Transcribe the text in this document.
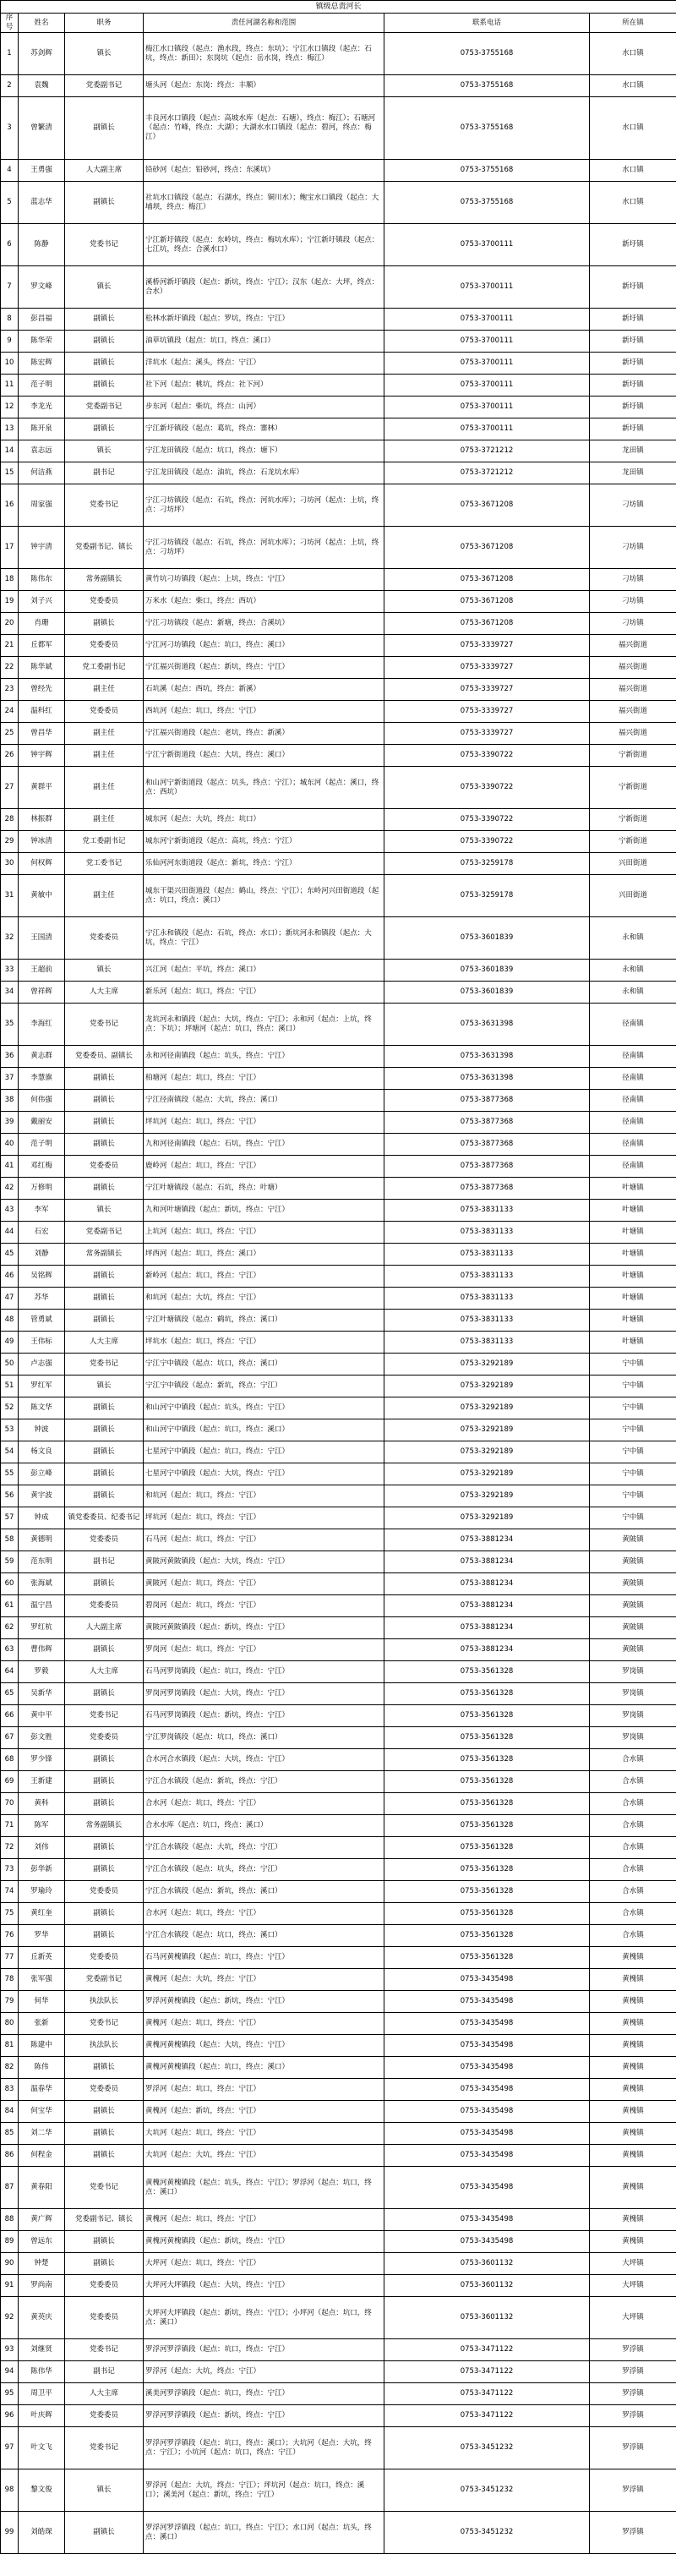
镇级总责河长					
序号	姓名	职务	责任河湖名称和范围	联系电话	所在镇
1	苏剑辉	镇长	梅江水口镇段（起点：渔水段，终点：东坑）；宁江水口镇段（起点：石坑，终点：新田）；东岗坑（起点：岳水岗，终点：梅江）	0753-3755168	水口镇
2	袁魏	党委副书记	塘头河（起点：东岗：终点：丰顺）	0753-3755168	水口镇
3	曾繁清	副镇长	丰良河水口镇段（起点：高坡水库（起点：石塘），终点：梅江）；石塘河（起点：竹峰，终点：大湖）；大湖水水口镇段（起点：碧河，终点：梅江）	0753-3755168	水口镇
4	王勇强	人大副主席	铅砂河（起点：铅砂河，终点：东溪坑）	0753-3755168	水口镇
5	蓝志华	副镇长	社坑水口镇段（起点：石湖水，终点：铜川水）；鲍宝水口镇段（起点：大埔坝，终点：梅江）	0753-3755168	水口镇
6	陈静	党委书记	宁江新圩镇段（起点：东岭坑，终点：梅坑水库）；宁江新圩镇段（起点：七江坑，终点：合溪水口）	0753-3700111	新圩镇
7	罗文峰	镇长	溪桥河新圩镇段（起点：新坑，终点：宁江）；汉东（起点：大坪，终点：合水）	0753-3700111	新圩镇
8	彭昌福	副镇长	松林水新圩镇段（起点：罗坑，终点：宁江）	0753-3700111	新圩镇
9	陈华荣	副镇长	油草坑镇段（起点：坑口，终点：溪口）	0753-3700111	新圩镇
10	陈宏辉	副镇长	洋坑水（起点：溪头，终点：宁江）	0753-3700111	新圩镇
11	范子明	副镇长	社下河（起点：桃坑，终点：社下河）	0753-3700111	新圩镇
12	李龙光	党委副书记	步东河（起点：柴坑，终点：山河）	0753-3700111	新圩镇
13	陈开泉	副镇长	宁江新圩镇段（起点：葛坑，终点：寨林）	0753-3700111	新圩镇
14	袁志远	镇长	宁江龙田镇段（起点：坑口，终点：塘下）	0753-3721212	龙田镇
15	何洁燕	副书记	宁江龙田镇段（起点：油坑，终点：石龙坑水库）	0753-3721212	龙田镇
16	周家强	党委书记	宁江刁坊镇段（起点：石坑，终点：河坑水库）；刁坊河（起点：上坑，终点：刁坊坪）	0753-3671208	刁坊镇
17	钟宇清	党委副书记、镇长	宁江刁坊镇段（起点：石坑，终点：河坑水库）；刁坊河（起点：上坑，终点：刁坊坪）	0753-3671208	刁坊镇
18	陈伟东	常务副镇长	黄竹坑刁坊镇段（起点：上坑，终点：宁江）	0753-3671208	刁坊镇
19	刘子兴	党委委员	万米水（起点：柴口，终点：西坑）	0753-3671208	刁坊镇
20	肖珊	副镇长	宁江刁坊镇段（起点：新塘，终点：合溪坑）	0753-3671208	刁坊镇
21	丘都军	党委委员	宁江河刁坊镇段（起点：坑口，终点：溪口）	0753-3339727	福兴街道
22	陈华斌	党工委副书记	宁江福兴街道段（起点：新坑，终点：宁江）	0753-3339727	福兴街道
23	曾经先	副主任	石坑溪（起点：西坑，终点：新溪）	0753-3339727	福兴街道
24	温科红	党委委员	西坑河（起点：坑口，终点：宁江）	0753-3339727	福兴街道
25	曾昌华	副主任	宁江福兴街道段（起点：老坑，终点：新溪）	0753-3339727	福兴街道
26	钟宇辉	副主任	宁江宁新街道段（起点：大坑，终点：溪口）	0753-3390722	宁新街道
27	黄群平	副主任	和山河宁新街道段（起点：坑头，终点：宁江）；城东河（起点：溪口，终点：西坑）	0753-3390722	宁新街道
28	林振群	副主任	城东河（起点：大坑，终点：坑口）	0753-3390722	宁新街道
29	钟冰清	党工委副书记	城东河宁新街道段（起点：高坑，终点：宁江）	0753-3390722	宁新街道
30	何权辉	党工委书记	乐仙河河东街道段（起点：新坑，终点：宁江）	0753-3259178	兴田街道
31	黄敏中	副主任	城东干渠兴田街道段（起点：鹤山，终点：宁江）；东岭河兴田街道段（起点：坑口，终点：溪口）	0753-3259178	兴田街道
32	王国清	党委委员	宁江永和镇段（起点：石坑，终点：水口）；新坑河永和镇段（起点：大坑，终点：宁江）	0753-3601839	永和镇
33	王超前	镇长	兴江河（起点：平坑，终点：溪口）	0753-3601839	永和镇
34	曾祥辉	人大主席	新乐河（起点：坑口，终点：宁江）	0753-3601839	永和镇
35	李海红	党委书记	龙坑河永和镇段（起点：大坑，终点：宁江）；永和河（起点：上坑，终点：下坑）；坪塘河（起点：坑口，终点：溪口）	0753-3631398	径南镇
36	黄志群	党委委员、副镇长	永和河径南镇段（起点：坑头，终点：宁江）	0753-3631398	径南镇
37	李慧旗	副镇长	柏塘河（起点：坑口，终点：宁江）	0753-3631398	径南镇
38	何伟强	副镇长	宁江径南镇段（起点：大坑，终点：溪口）	0753-3877368	径南镇
39	戴丽安	副镇长	坪坑河（起点：坑口，终点：宁江）	0753-3877368	径南镇
40	范子明	副镇长	九和河径南镇段（起点：石坑，终点：宁江）	0753-3877368	径南镇
41	邓红梅	党委委员	鹿岭河（起点：坑口，终点：宁江）	0753-3877368	径南镇
42	万修明	副镇长	宁江叶塘镇段（起点：石坑，终点：叶塘）	0753-3877368	叶塘镇
43	李军	镇长	九和河叶塘镇段（起点：新坑，终点：宁江）	0753-3831133	叶塘镇
44	石宏	党委副书记	上坑河（起点：坑口，终点：宁江）	0753-3831133	叶塘镇
45	刘静	常务副镇长	坪西河（起点：坑口，终点：溪口）	0753-3831133	叶塘镇
46	吴铭辉	副镇长	新岭河（起点：坑口，终点：宁江）	0753-3831133	叶塘镇
47	苏华	副镇长	和坑河（起点：大坑，终点：宁江）	0753-3831133	叶塘镇
48	管勇斌	副镇长	宁江叶塘镇段（起点：鹤坑，终点：溪口）	0753-3831133	叶塘镇
49	王伟标	人大主席	坪坑水（起点：坑口，终点：宁江）	0753-3831133	叶塘镇
50	卢志强	党委书记	宁江宁中镇段（起点：坑口，终点：溪口）	0753-3292189	宁中镇
51	罗红军	镇长	宁江宁中镇段（起点：新坑，终点：宁江）	0753-3292189	宁中镇
52	陈文华	副镇长	和山河宁中镇段（起点：坑头，终点：宁江）	0753-3292189	宁中镇
53	钟波	副镇长	和山河宁中镇段（起点：坑口，终点：溪口）	0753-3292189	宁中镇
54	杨文良	副镇长	七星河宁中镇段（起点：坑口，终点：宁江）	0753-3292189	宁中镇
55	彭立峰	副镇长	七星河宁中镇段（起点：大坑，终点：宁江）	0753-3292189	宁中镇
56	黄宇波	副镇长	和坑河（起点：坑口，终点：宁江）	0753-3292189	宁中镇
57	钟成	镇党委委员、纪委书记	坪坑河（起点：坑口，终点：宁江）	0753-3292189	宁中镇
58	黄德明	党委委员	石马河（起点：坑口，终点：宁江）	0753-3881234	黄陂镇
59	范东明	副书记	黄陂河黄陂镇段（起点：大坑，终点：宁江）	0753-3881234	黄陂镇
60	张海斌	副镇长	黄陂河（起点：坑口，终点：宁江）	0753-3881234	黄陂镇
61	温宁昌	党委委员	碧岗河（起点：坑口，终点：宁江）	0753-3881234	黄陂镇
62	罗红杭	人大副主席	黄陂河黄陂镇段（起点：新坑，终点：宁江）	0753-3881234	黄陂镇
63	曹伟辉	副镇长	罗岗河（起点：坑口，终点：宁江）	0753-3881234	黄陂镇
64	罗毅	人大主席	石马河罗岗镇段（起点：坑口，终点：宁江）	0753-3561328	罗岗镇
65	吴新华	副镇长	罗岗河罗岗镇段（起点：大坑，终点：宁江）	0753-3561328	罗岗镇
66	黄中平	党委书记	石马河罗岗镇段（起点：新坑，终点：宁江）	0753-3561328	罗岗镇
67	彭文胜	党委委员	宁江罗岗镇段（起点：坑口，终点：溪口）	0753-3561328	罗岗镇
68	罗少锋	副镇长	合水河合水镇段（起点：大坑，终点：宁江）	0753-3561328	合水镇
69	王新建	副镇长	宁江合水镇段（起点：新坑，终点：宁江）	0753-3561328	合水镇
70	黄科	副镇长	合水河（起点：坑口，终点：宁江）	0753-3561328	合水镇
71	陈军	常务副镇长	合水水库（起点：坑口，终点：溪口）	0753-3561328	合水镇
72	刘伟	副镇长	宁江合水镇段（起点：大坑，终点：宁江）	0753-3561328	合水镇
73	彭华新	副镇长	宁江合水镇段（起点：坑头，终点：宁江）	0753-3561328	合水镇
74	罗瑜玲	党委委员	宁江合水镇段（起点：新坑，终点：溪口）	0753-3561328	合水镇
75	黄红奎	副镇长	合水河（起点：坑口，终点：宁江）	0753-3561328	合水镇
76	罗华	副镇长	宁江合水镇段（起点：坑口，终点：溪口）	0753-3561328	合水镇
77	丘新英	党委委员	石马河黄槐镇段（起点：坑口，终点：宁江）	0753-3561328	黄槐镇
78	张军强	党委副书记	黄槐河（起点：大坑，终点：宁江）	0753-3435498	黄槐镇
79	何华	执法队长	罗浮河黄槐镇段（起点：新坑，终点：宁江）	0753-3435498	黄槐镇
80	张新	党委书记	黄槐河（起点：坑口，终点：宁江）	0753-3435498	黄槐镇
81	陈建中	执法队长	黄槐河黄槐镇段（起点：大坑，终点：宁江）	0753-3435498	黄槐镇
82	陈伟	副镇长	黄槐河黄槐镇段（起点：坑口，终点：溪口）	0753-3435498	黄槐镇
83	温春华	党委委员	罗浮河（起点：坑口，终点：宁江）	0753-3435498	黄槐镇
84	何宝华	副镇长	黄槐河（起点：新坑，终点：宁江）	0753-3435498	黄槐镇
85	刘二华	副镇长	大坑河（起点：坑口，终点：宁江）	0753-3435498	黄槐镇
86	何程金	副镇长	大坑河（起点：大坑，终点：宁江）	0753-3435498	黄槐镇
87	黄春阳	党委书记	黄槐河黄槐镇段（起点：坑头，终点：宁江）；罗浮河（起点：坑口，终点：溪口）	0753-3435498	黄槐镇
88	黄广辉	党委副书记、镇长	黄槐河（起点：坑口，终点：宁江）	0753-3435498	黄槐镇
89	曾远东	副镇长	黄槐河黄槐镇段（起点：新坑，终点：宁江）	0753-3435498	黄槐镇
90	钟楚	副镇长	大坪河（起点：坑口，终点：宁江）	0753-3601132	大坪镇
91	罗尚南	党委委员	大坪河大坪镇段（起点：大坑，终点：宁江）	0753-3601132	大坪镇
92	黄英庆	党委委员	大坪河大坪镇段（起点：新坑，终点：宁江）；小坪河（起点：坑口，终点：溪口）	0753-3601132	大坪镇
93	刘继贤	党委书记	罗浮河罗浮镇段（起点：坑口，终点：宁江）	0753-3471122	罗浮镇
94	陈伟华	副书记	罗浮河（起点：大坑，终点：宁江）	0753-3471122	罗浮镇
95	周卫平	人大主席	溪美河罗浮镇段（起点：坑口，终点：宁江）	0753-3471122	罗浮镇
96	叶庆辉	党委委员	罗浮河罗浮镇段（起点：新坑，终点：宁江）	0753-3471122	罗浮镇
97	叶文飞	党委书记	罗浮河罗浮镇段（起点：坑口，终点：溪口）；大坑河（起点：大坑，终点：宁江）；小坑河（起点：坑口，终点：宁江）	0753-3451232	罗浮镇
98	黎文俊	镇长	罗浮河（起点：大坑，终点：宁江）；坪坑河（起点：坑口，终点：溪口）；溪美河（起点：新坑，终点：宁江）	0753-3451232	罗浮镇
99	刘皓琛	副镇长	罗浮河罗浮镇段（起点：坑口，终点：宁江）；水口河（起点：坑头，终点：溪口）	0753-3451232	罗浮镇
